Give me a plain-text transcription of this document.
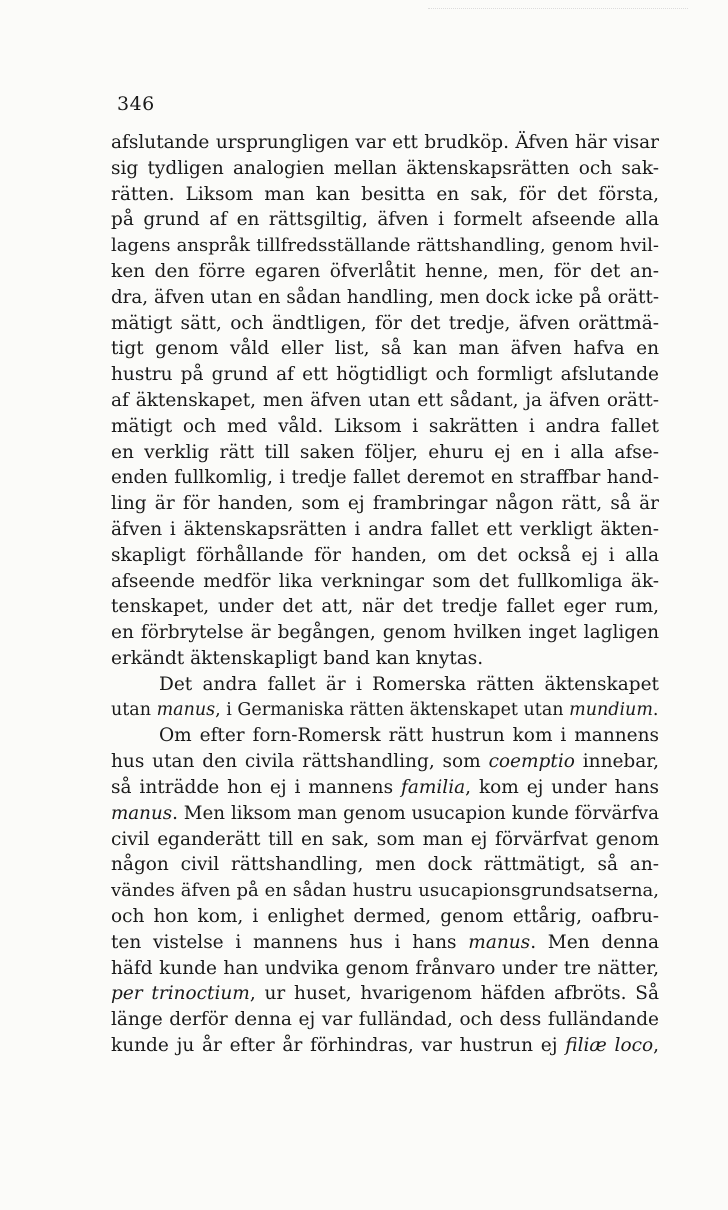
346
afslutande ursprungligen var ett brudköp. Äfven här visar
sig tydligen analogien mellan äktenskapsrätten och sak-
rätten. Liksom man kan besitta en sak, för det första,
på grund af en rättsgiltig, äfven i formelt afseende alla
lagens anspråk tillfredsställande rättshandling, genom hvil-
ken den förre egaren öfverlåtit henne, men, för det an-
dra, äfven utan en sådan handling, men dock icke på orätt-
mätigt sätt, och ändtligen, för det tredje, äfven orättmä-
tigt genom våld eller list, så kan man äfven hafva en
hustru på grund af ett högtidligt och formligt afslutande
af äktenskapet, men äfven utan ett sådant, ja äfven orätt-
mätigt och med våld. Liksom i sakrätten i andra fallet
en verklig rätt till saken följer, ehuru ej en i alla afse-
enden fullkomlig, i tredje fallet deremot en straffbar hand-
ling är för handen, som ej frambringar någon rätt, så är
äfven i äktenskapsrätten i andra fallet ett verkligt äkten-
skapligt förhållande för handen, om det också ej i alla
afseende medför lika verkningar som det fullkomliga äk-
tenskapet, under det att, när det tredje fallet eger rum,
en förbrytelse är begången, genom hvilken inget lagligen
erkändt äktenskapligt band kan knytas.
Det andra fallet är i Romerska rätten äktenskapet
utan manus, i Germaniska rätten äktenskapet utan mundium.
Om efter forn-Romersk rätt hustrun kom i mannens
hus utan den civila rättshandling, som coemptio innebar,
så inträdde hon ej i mannens familia, kom ej under hans
manus. Men liksom man genom usucapion kunde förvärfva
civil eganderätt till en sak, som man ej förvärfvat genom
någon civil rättshandling, men dock rättmätigt, så an-
vändes äfven på en sådan hustru usucapionsgrundsatserna,
och hon kom, i enlighet dermed, genom ettårig, oafbru-
ten vistelse i mannens hus i hans manus. Men denna
häfd kunde han undvika genom frånvaro under tre nätter,
per trinoctium, ur huset, hvarigenom häfden afbröts. Så
länge derför denna ej var fulländad, och dess fulländande
kunde ju år efter år förhindras, var hustrun ej filiæ loco,
